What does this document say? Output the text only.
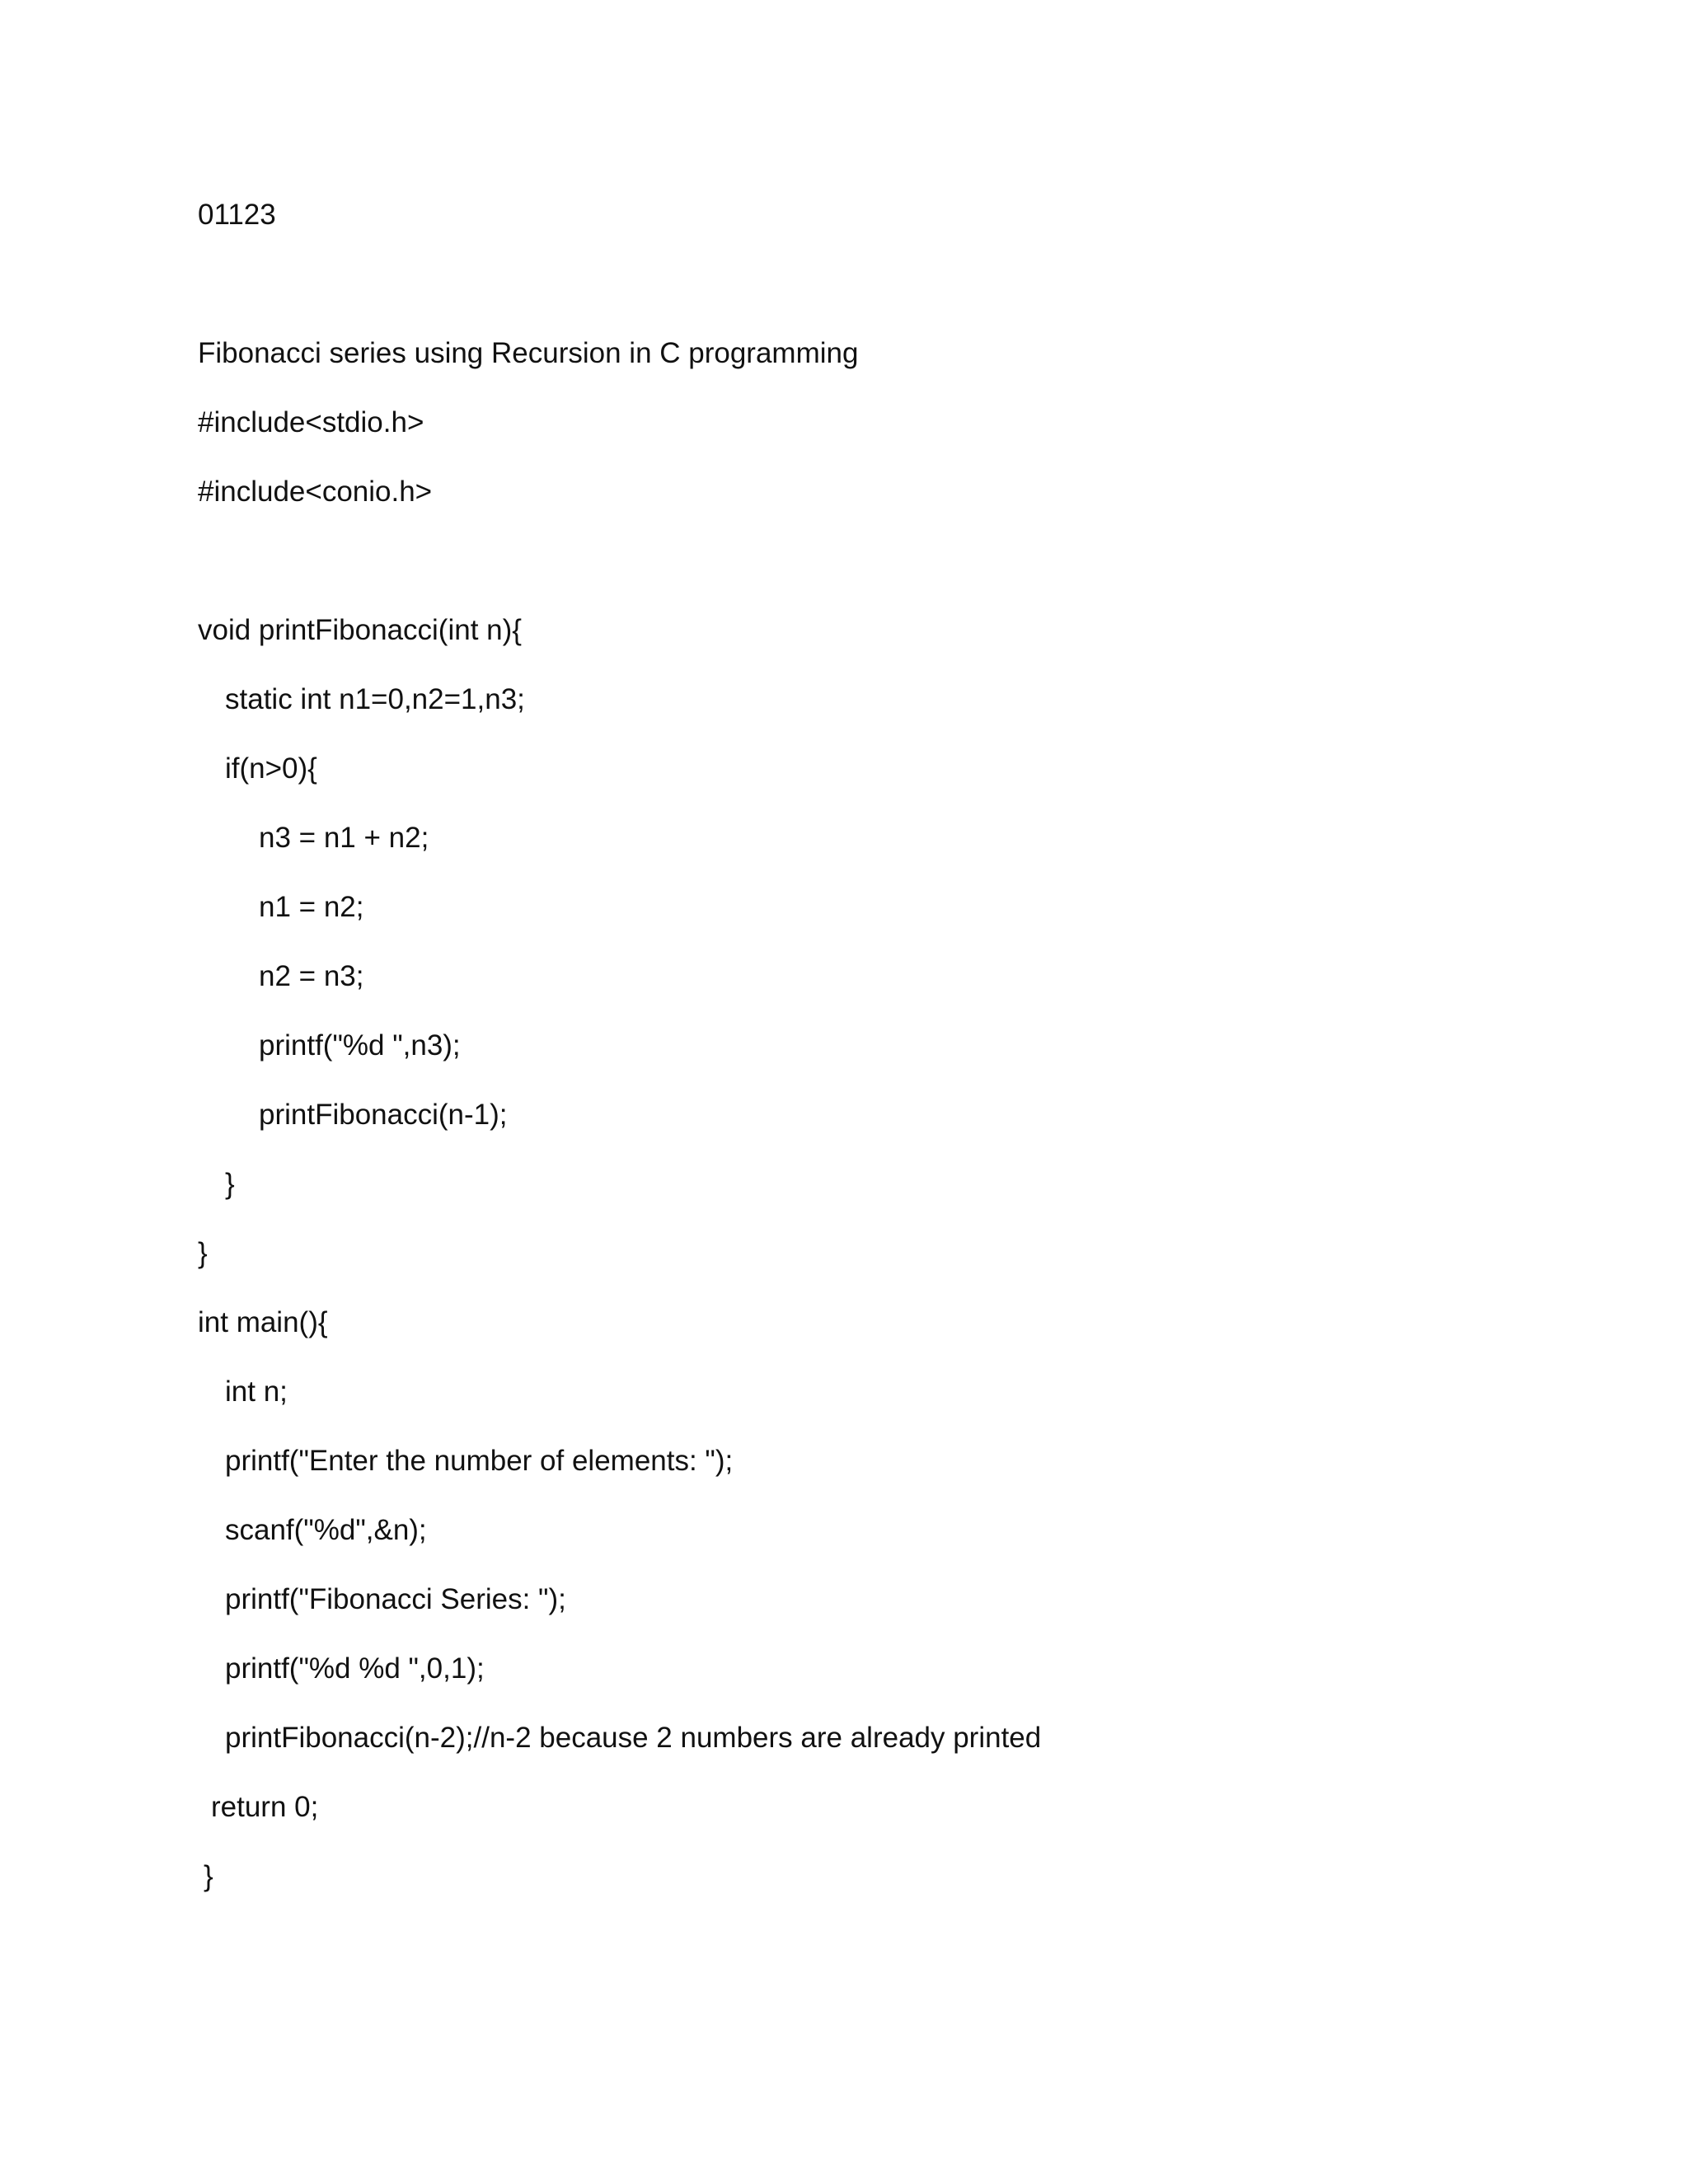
01123

Fibonacci series using Recursion in C programming

#include<stdio.h>

#include<conio.h>

void printFibonacci(int n){

static int n1=0,n2=1,n3;

if(n>0){

n3 = n1 + n2;

n1 = n2;

n2 = n3;

printf("%d ",n3);

printFibonacci(n-1);

}

}

int main(){

int n;

printf("Enter the number of elements: ");

scanf("%d",&n);

printf("Fibonacci Series: ");

printf("%d %d ",0,1);

printFibonacci(n-2);//n-2 because 2 numbers are already printed

return 0;

}
